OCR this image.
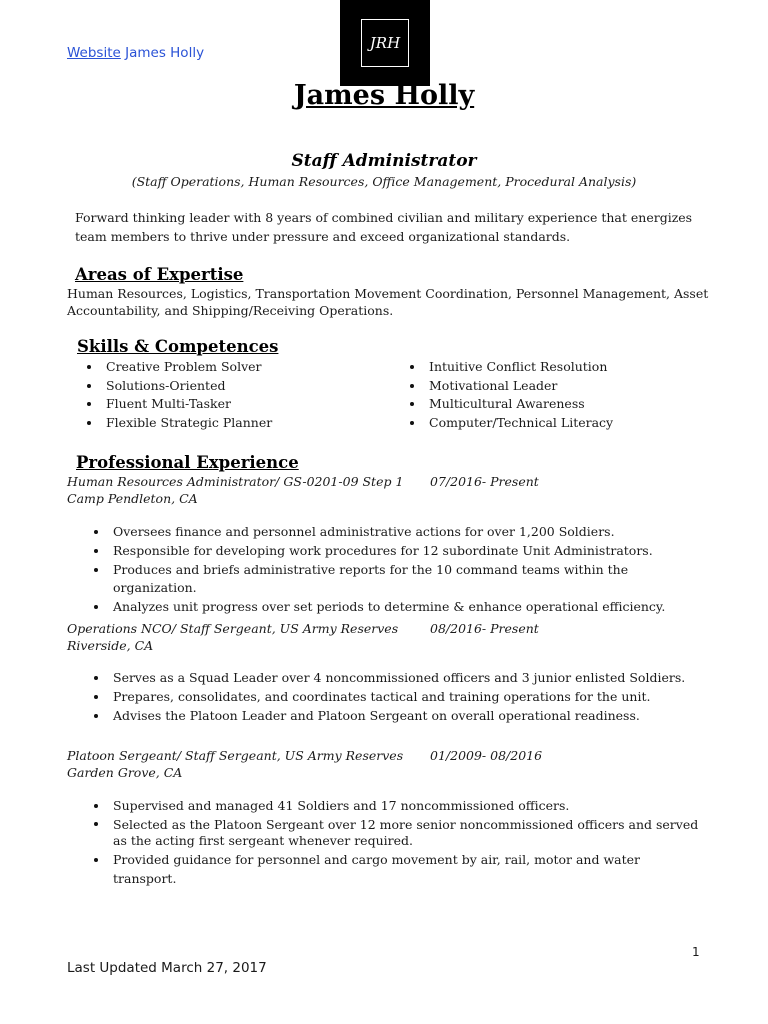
JRH
Website James Holly
James Holly
Staff Administrator
(Staff Operations, Human Resources, Office Management, Procedural Analysis)
Forward thinking leader with 8 years of combined civilian and military experience that energizes
team members to thrive under pressure and exceed organizational standards.
Areas of Expertise
Human Resources, Logistics, Transportation Movement Coordination, Personnel Management, Asset Accountability, and Shipping/Receiving Operations.
Skills & Competences
Creative Problem Solver
Solutions-Oriented
Fluent Multi-Tasker
Flexible Strategic Planner
Intuitive Conflict Resolution
Motivational Leader
Multicultural Awareness
Computer/Technical Literacy
Professional Experience
Human Resources Administrator/ GS-0201-09 Step 1 07/2016- Present
Camp Pendleton, CA
Oversees finance and personnel administrative actions for over 1,200 Soldiers.
Responsible for developing work procedures for 12 subordinate Unit Administrators.
Produces and briefs administrative reports for the 10 command teams within the organization.
Analyzes unit progress over set periods to determine & enhance operational efficiency.
Operations NCO/ Staff Sergeant, US Army Reserves	08/2016- Present
Riverside, CA
Serves as a Squad Leader over 4 noncommissioned officers and 3 junior enlisted Soldiers.
Prepares, consolidates, and coordinates tactical and training operations for the unit.
Advises the Platoon Leader and Platoon Sergeant on overall operational readiness.
Platoon Sergeant/ Staff Sergeant, US Army Reserves 01/2009- 08/2016
Garden Grove, CA
Supervised and managed 41 Soldiers and 17 noncommissioned officers.
Selected as the Platoon Sergeant over 12 more senior noncommissioned officers and served as the acting first sergeant whenever required.
Provided guidance for personnel and cargo movement by air, rail, motor and water transport.
1
Last Updated March 27, 2017
